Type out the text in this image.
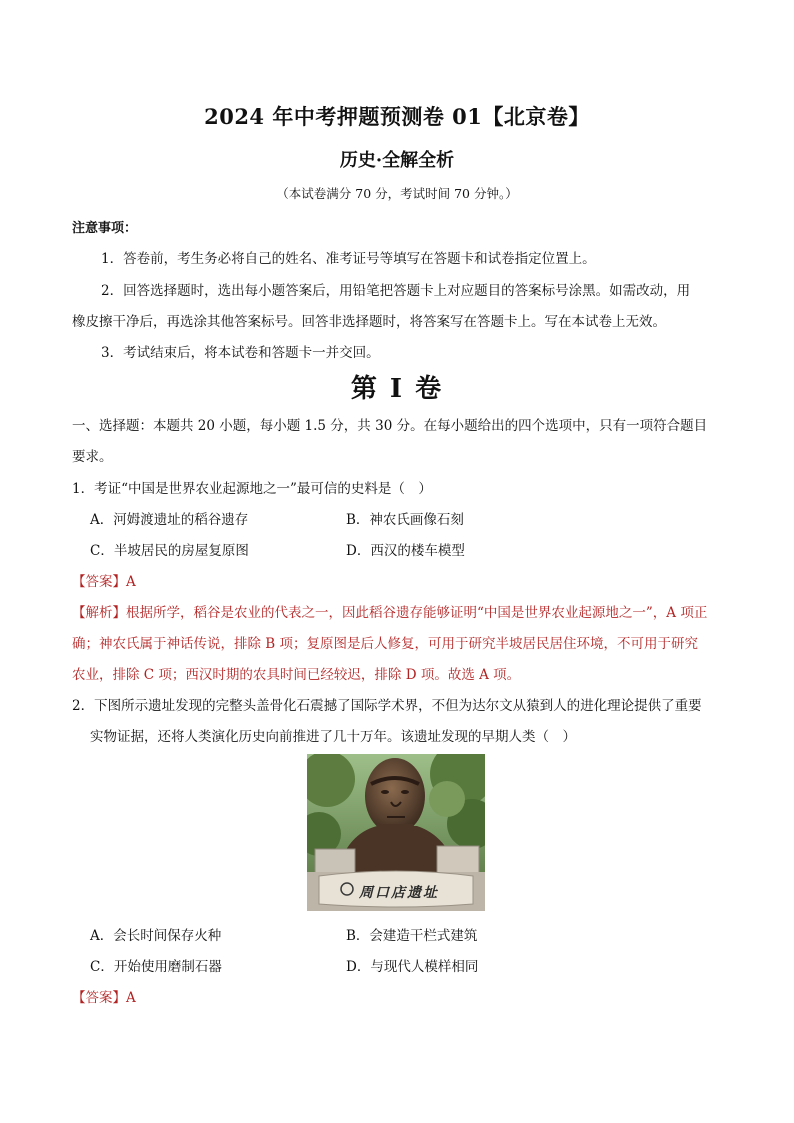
2024 年中考押题预测卷 01【北京卷】
历史·全解全析
（本试卷满分 70 分，考试时间 70 分钟。）
注意事项：
1．答卷前，考生务必将自己的姓名、准考证号等填写在答题卡和试卷指定位置上。
2．回答选择题时，选出每小题答案后，用铅笔把答题卡上对应题目的答案标号涂黑。如需改动，用
橡皮擦干净后，再选涂其他答案标号。回答非选择题时，将答案写在答题卡上。写在本试卷上无效。
3．考试结束后，将本试卷和答题卡一并交回。
第 I 卷
一、选择题：本题共 20 小题，每小题 1.5 分，共 30 分。在每小题给出的四个选项中，只有一项符合题目
要求。
1．考证“中国是世界农业起源地之一”最可信的史料是（　）
A．河姆渡遗址的稻谷遗存	B．神农氏画像石刻
C．半坡居民的房屋复原图	D．西汉的楼车模型
【答案】A
【解析】根据所学，稻谷是农业的代表之一，因此稻谷遗存能够证明“中国是世界农业起源地之一”，A 项正
确；神农氏属于神话传说，排除 B 项；复原图是后人修复，可用于研究半坡居民居住环境，不可用于研究
农业，排除 C 项；西汉时期的农具时间已经较迟，排除 D 项。故选 A 项。
2．下图所示遗址发现的完整头盖骨化石震撼了国际学术界，不但为达尔文从猿到人的进化理论提供了重要
实物证据，还将人类演化历史向前推进了几十万年。该遗址发现的早期人类（　）
周口店遗址
A．会长时间保存火种	B．会建造干栏式建筑
C．开始使用磨制石器	D．与现代人模样相同
【答案】A
